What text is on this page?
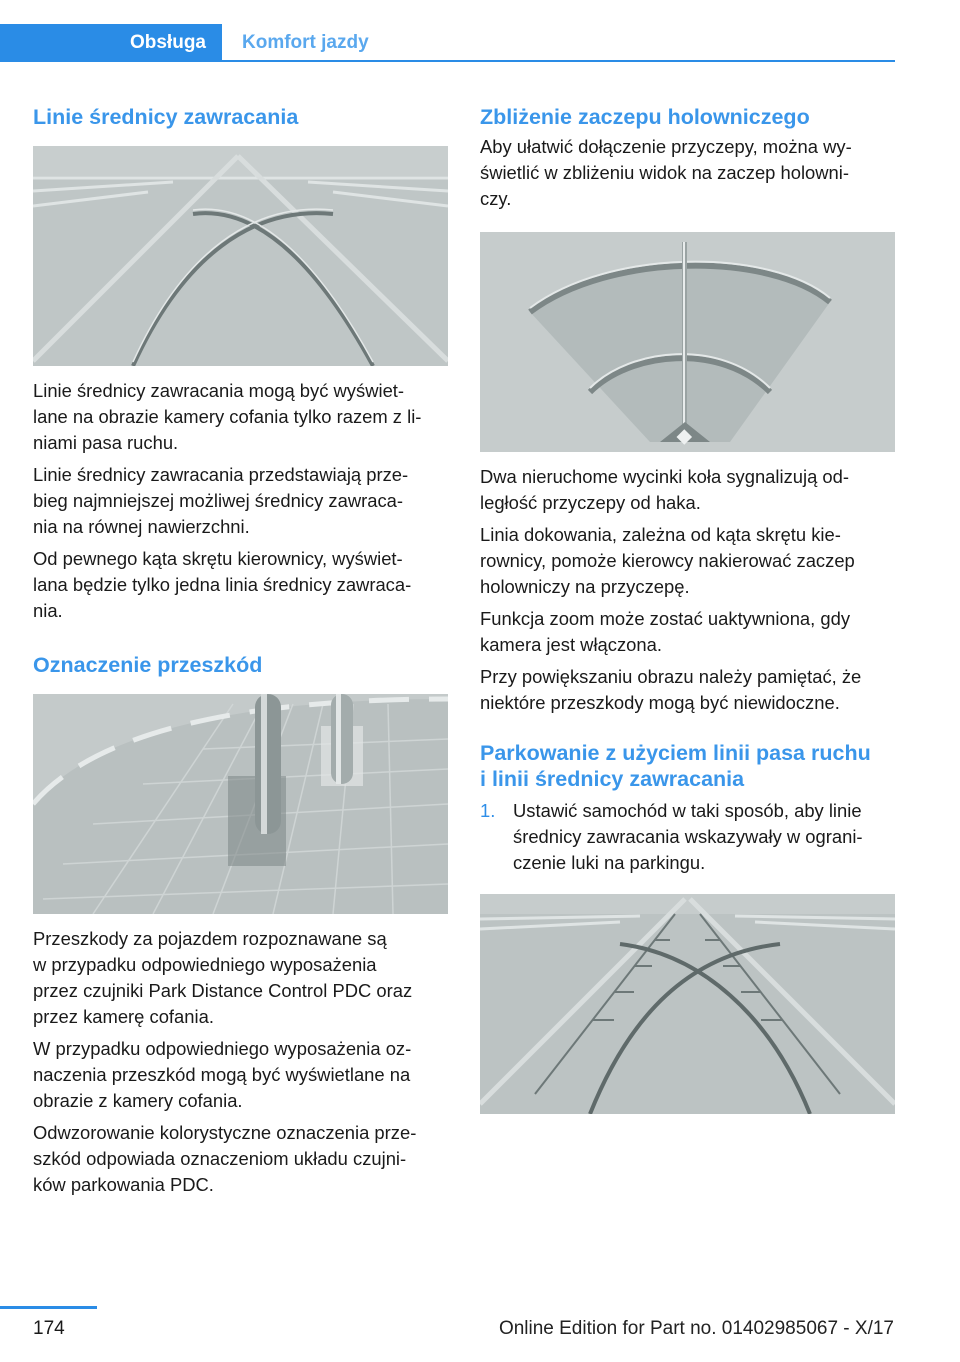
Obsługa	Komfort jazdy
Linie średnicy zawracania

Linie średnicy zawracania mogą być wyświet-

lane na obrazie kamery cofania tylko razem z li-

niami pasa ruchu.

Linie średnicy zawracania przedstawiają prze-

bieg najmniejszej możliwej średnicy zawraca-

nia na równej nawierzchni.

Od pewnego kąta skrętu kierownicy, wyświet-

lana będzie tylko jedna linia średnicy zawraca-

nia.

Oznaczenie przeszkód

Przeszkody za pojazdem rozpoznawane są

w przypadku odpowiedniego wyposażenia

przez czujniki Park Distance Control PDC oraz

przez kamerę cofania.

W przypadku odpowiedniego wyposażenia oz-

naczenia przeszkód mogą być wyświetlane na

obrazie z kamery cofania.

Odwzorowanie kolorystyczne oznaczenia prze-

szkód odpowiada oznaczeniom układu czujni-

ków parkowania PDC.

Zbliżenie zaczepu holowniczego

Aby ułatwić dołączenie przyczepy, można wy-

świetlić w zbliżeniu widok na zaczep holowni-

czy.

Dwa nieruchome wycinki koła sygnalizują od-

ległość przyczepy od haka.

Linia dokowania, zależna od kąta skrętu kie-

rownicy, pomoże kierowcy nakierować zaczep

holowniczy na przyczepę.

Funkcja zoom może zostać uaktywniona, gdy

kamera jest włączona.

Przy powiększaniu obrazu należy pamiętać, że

niektóre przeszkody mogą być niewidoczne.

Parkowanie z użyciem linii pasa ruchu
i linii średnicy zawracania
1. Ustawić samochód w taki sposób, aby linie
średnicy zawracania wskazywały w ograni-
czenie luki na parkingu.
174	Online Edition for Part no. 01402985067 - X/17
